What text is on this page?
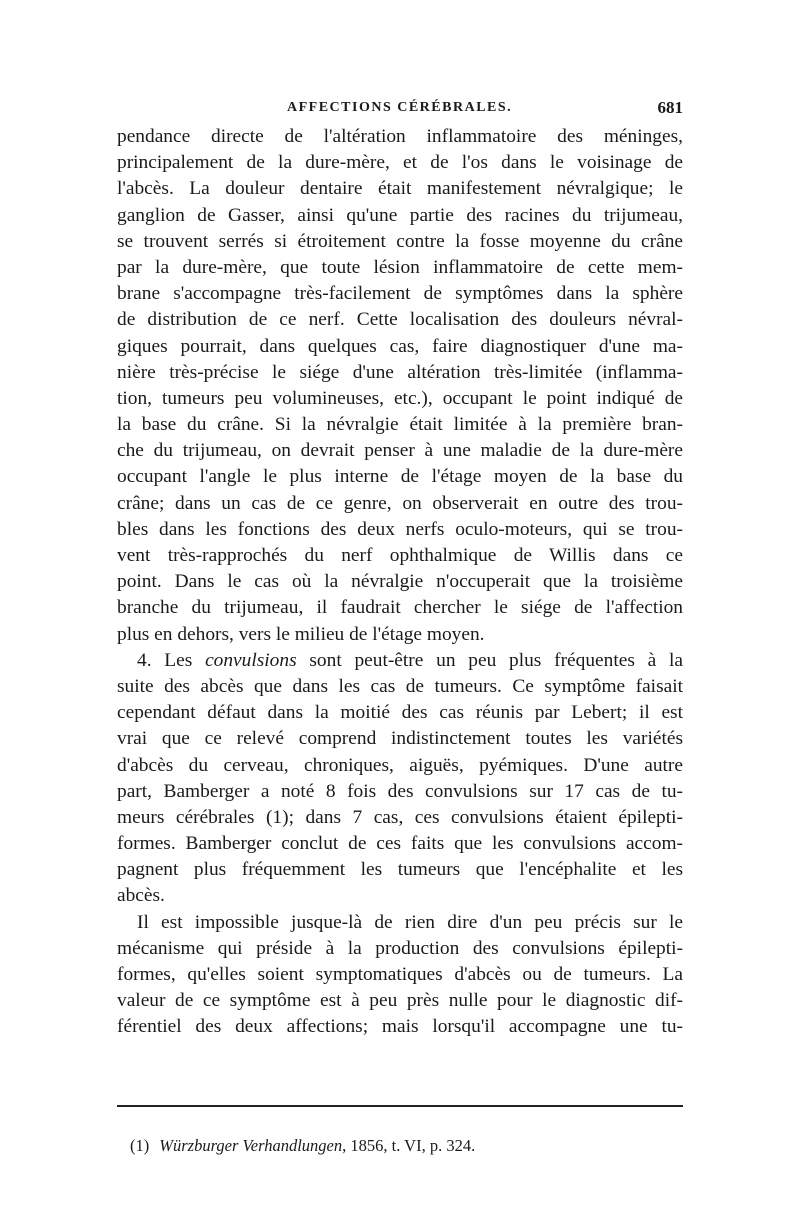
AFFECTIONS CÉRÉBRALES.	681
pendance directe de l'altération inflammatoire des méninges,
principalement de la dure-mère, et de l'os dans le voisinage de
l'abcès. La douleur dentaire était manifestement névralgique; le
ganglion de Gasser, ainsi qu'une partie des racines du trijumeau,
se trouvent serrés si étroitement contre la fosse moyenne du crâne
par la dure-mère, que toute lésion inflammatoire de cette mem-
brane s'accompagne très-facilement de symptômes dans la sphère
de distribution de ce nerf. Cette localisation des douleurs névral-
giques pourrait, dans quelques cas, faire diagnostiquer d'une ma-
nière très-précise le siége d'une altération très-limitée (inflamma-
tion, tumeurs peu volumineuses, etc.), occupant le point indiqué de
la base du crâne. Si la névralgie était limitée à la première bran-
che du trijumeau, on devrait penser à une maladie de la dure-mère
occupant l'angle le plus interne de l'étage moyen de la base du
crâne; dans un cas de ce genre, on observerait en outre des trou-
bles dans les fonctions des deux nerfs oculo-moteurs, qui se trou-
vent très-rapprochés du nerf ophthalmique de Willis dans ce
point. Dans le cas où la névralgie n'occuperait que la troisième
branche du trijumeau, il faudrait chercher le siége de l'affection
plus en dehors, vers le milieu de l'étage moyen.
4. Les convulsions sont peut-être un peu plus fréquentes à la
suite des abcès que dans les cas de tumeurs. Ce symptôme faisait
cependant défaut dans la moitié des cas réunis par Lebert; il est
vrai que ce relevé comprend indistinctement toutes les variétés
d'abcès du cerveau, chroniques, aiguës, pyémiques. D'une autre
part, Bamberger a noté 8 fois des convulsions sur 17 cas de tu-
meurs cérébrales (1); dans 7 cas, ces convulsions étaient épilepti-
formes. Bamberger conclut de ces faits que les convulsions accom-
pagnent plus fréquemment les tumeurs que l'encéphalite et les
abcès.
Il est impossible jusque-là de rien dire d'un peu précis sur le
mécanisme qui préside à la production des convulsions épilepti-
formes, qu'elles soient symptomatiques d'abcès ou de tumeurs. La
valeur de ce symptôme est à peu près nulle pour le diagnostic dif-
férentiel des deux affections; mais lorsqu'il accompagne une tu-
(1) Würzburger Verhandlungen, 1856, t. VI, p. 324.
